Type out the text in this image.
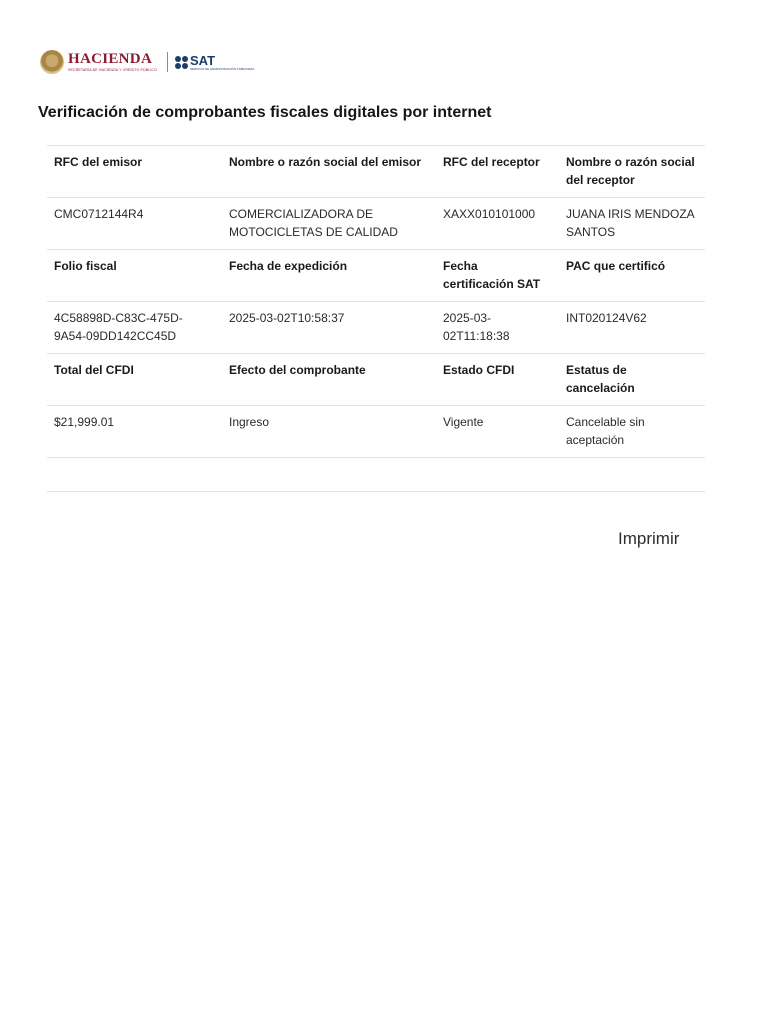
HACIENDA
SECRETARÍA DE HACIENDA Y CRÉDITO PÚBLICO
SAT
SERVICIO DE ADMINISTRACIÓN TRIBUTARIA
Verificación de comprobantes fiscales digitales por internet
RFC del emisor	Nombre o razón social del emisor	RFC del receptor	Nombre o razón social del receptor
CMC0712144R4	COMERCIALIZADORA DE MOTOCICLETAS DE CALIDAD	XAXX010101000	JUANA IRIS MENDOZA SANTOS
Folio fiscal	Fecha de expedición	Fecha certificación SAT	PAC que certificó
4C58898D-C83C-475D-9A54-09DD142CC45D	2025-03-02T10:58:37	2025-03-02T11:18:38	INT020124V62
Total del CFDI	Efecto del comprobante	Estado CFDI	Estatus de cancelación
$21,999.01	Ingreso	Vigente	Cancelable sin aceptación

Imprimir
